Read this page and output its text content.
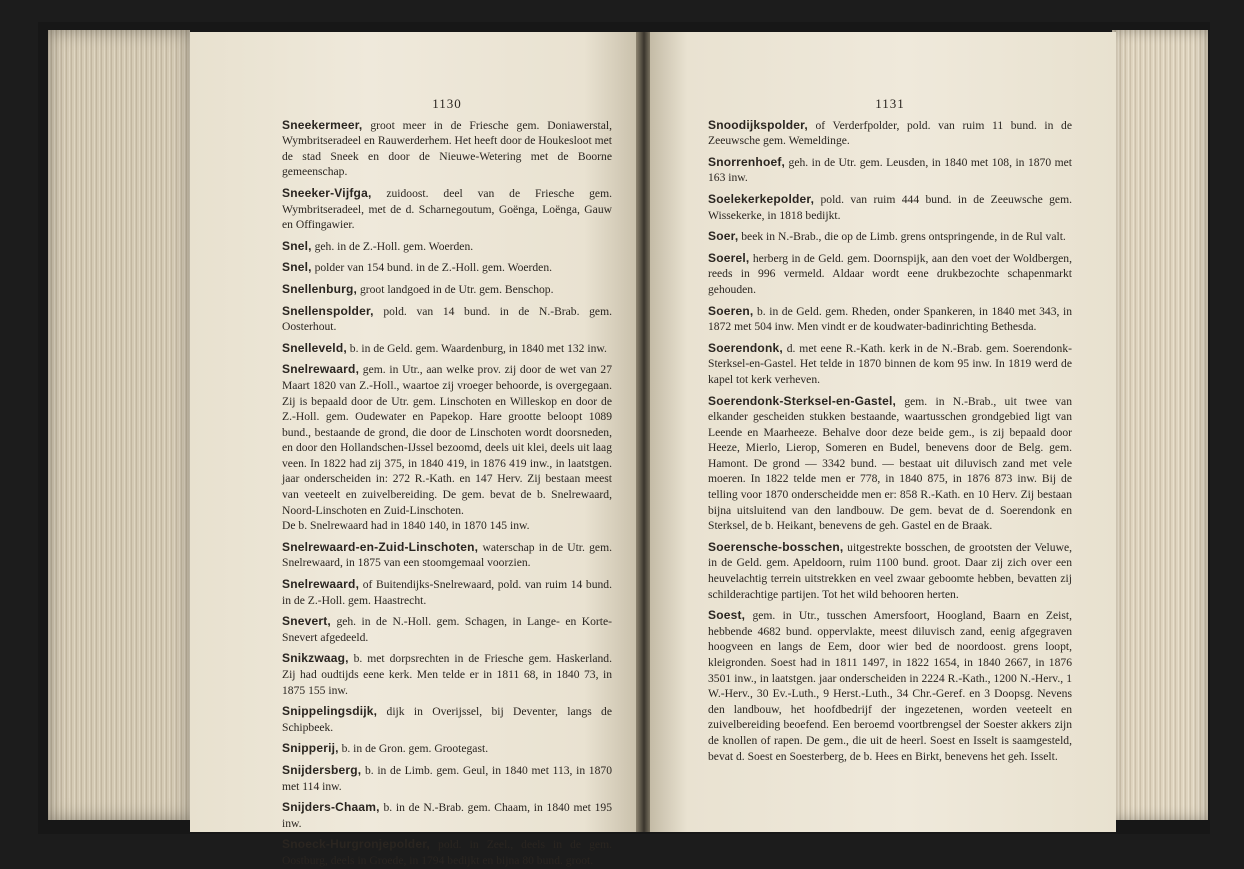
1130
Sneekermeer, groot meer in de Friesche gem. Doniawerstal, Wymbritseradeel en Rauwerderhem. Het heeft door de Houkesloot met de stad Sneek en door de Nieuwe-Wetering met de Boorne gemeenschap.
Sneeker-Vijfga, zuidoost. deel van de Friesche gem. Wymbritseradeel, met de d. Scharnegoutum, Goënga, Loënga, Gauw en Offingawier.
Snel, geh. in de Z.-Holl. gem. Woerden.
Snel, polder van 154 bund. in de Z.-Holl. gem. Woerden.
Snellenburg, groot landgoed in de Utr. gem. Benschop.
Snellenspolder, pold. van 14 bund. in de N.-Brab. gem. Oosterhout.
Snelleveld, b. in de Geld. gem. Waardenburg, in 1840 met 132 inw.
Snelrewaard, gem. in Utr., aan welke prov. zij door de wet van 27 Maart 1820 van Z.-Holl., waartoe zij vroeger behoorde, is overgegaan. Zij is bepaald door de Utr. gem. Linschoten en Willeskop en door de Z.-Holl. gem. Oudewater en Papekop. Hare grootte beloopt 1089 bund., bestaande de grond, die door de Linschoten wordt doorsneden, en door den Hollandschen-IJssel bezoomd, deels uit klei, deels uit laag veen. In 1822 had zij 375, in 1840 419, in 1876 419 inw., in laatstgen. jaar onderscheiden in: 272 R.-Kath. en 147 Herv. Zij bestaan meest van veeteelt en zuivelbereiding. De gem. bevat de b. Snelrewaard, Noord-Linschoten en Zuid-Linschoten.
De b. Snelrewaard had in 1840 140, in 1870 145 inw.
Snelrewaard-en-Zuid-Linschoten, waterschap in de Utr. gem. Snelrewaard, in 1875 van een stoomgemaal voorzien.
Snelrewaard, of Buitendijks-Snelrewaard, pold. van ruim 14 bund. in de Z.-Holl. gem. Haastrecht.
Snevert, geh. in de N.-Holl. gem. Schagen, in Lange- en Korte-Snevert afgedeeld.
Snikzwaag, b. met dorpsrechten in de Friesche gem. Haskerland. Zij had oudtijds eene kerk. Men telde er in 1811 68, in 1840 73, in 1875 155 inw.
Snippelingsdijk, dijk in Overijssel, bij Deventer, langs de Schipbeek.
Snipperij, b. in de Gron. gem. Grootegast.
Snijdersberg, b. in de Limb. gem. Geul, in 1840 met 113, in 1870 met 114 inw.
Snijders-Chaam, b. in de N.-Brab. gem. Chaam, in 1840 met 195 inw.
Snoeck-Hurgronjepolder, pold. in Zeel., deels in de gem. Oostburg, deels in Groede, in 1794 bedijkt en bijna 80 bund. groot.
1131
Snoodijkspolder, of Verderfpolder, pold. van ruim 11 bund. in de Zeeuwsche gem. Wemeldinge.
Snorrenhoef, geh. in de Utr. gem. Leusden, in 1840 met 108, in 1870 met 163 inw.
Soelekerkepolder, pold. van ruim 444 bund. in de Zeeuwsche gem. Wissekerke, in 1818 bedijkt.
Soer, beek in N.-Brab., die op de Limb. grens ontspringende, in de Rul valt.
Soerel, herberg in de Geld. gem. Doornspijk, aan den voet der Woldbergen, reeds in 996 vermeld. Aldaar wordt eene drukbezochte schapenmarkt gehouden.
Soeren, b. in de Geld. gem. Rheden, onder Spankeren, in 1840 met 343, in 1872 met 504 inw. Men vindt er de koudwater-badinrichting Bethesda.
Soerendonk, d. met eene R.-Kath. kerk in de N.-Brab. gem. Soerendonk-Sterksel-en-Gastel. Het telde in 1870 binnen de kom 95 inw. In 1819 werd de kapel tot kerk verheven.
Soerendonk-Sterksel-en-Gastel, gem. in N.-Brab., uit twee van elkander gescheiden stukken bestaande, waartusschen grondgebied ligt van Leende en Maarheeze. Behalve door deze beide gem., is zij bepaald door Heeze, Mierlo, Lierop, Someren en Budel, benevens door de Belg. gem. Hamont. De grond — 3342 bund. — bestaat uit diluvisch zand met vele moeren. In 1822 telde men er 778, in 1840 875, in 1876 873 inw. Bij de telling voor 1870 onderscheidde men er: 858 R.-Kath. en 10 Herv. Zij bestaan bijna uitsluitend van den landbouw. De gem. bevat de d. Soerendonk en Sterksel, de b. Heikant, benevens de geh. Gastel en de Braak.
Soerensche-bosschen, uitgestrekte bosschen, de grootsten der Veluwe, in de Geld. gem. Apeldoorn, ruim 1100 bund. groot. Daar zij zich over een heuvelachtig terrein uitstrekken en veel zwaar geboomte hebben, bevatten zij schilderachtige partijen. Tot het wild behooren herten.
Soest, gem. in Utr., tusschen Amersfoort, Hoogland, Baarn en Zeist, hebbende 4682 bund. oppervlakte, meest diluvisch zand, eenig afgegraven hoogveen en langs de Eem, door wier bed de noordoost. grens loopt, kleigronden. Soest had in 1811 1497, in 1822 1654, in 1840 2667, in 1876 3501 inw., in laatstgen. jaar onderscheiden in 2224 R.-Kath., 1200 N.-Herv., 1 W.-Herv., 30 Ev.-Luth., 9 Herst.-Luth., 34 Chr.-Geref. en 3 Doopsg. Nevens den landbouw, het hoofdbedrijf der ingezetenen, worden veeteelt en zuivelbereiding beoefend. Een beroemd voortbrengsel der Soester akkers zijn de knollen of rapen. De gem., die uit de heerl. Soest en Isselt is saamgesteld, bevat d. Soest en Soesterberg, de b. Hees en Birkt, benevens het geh. Isselt.
